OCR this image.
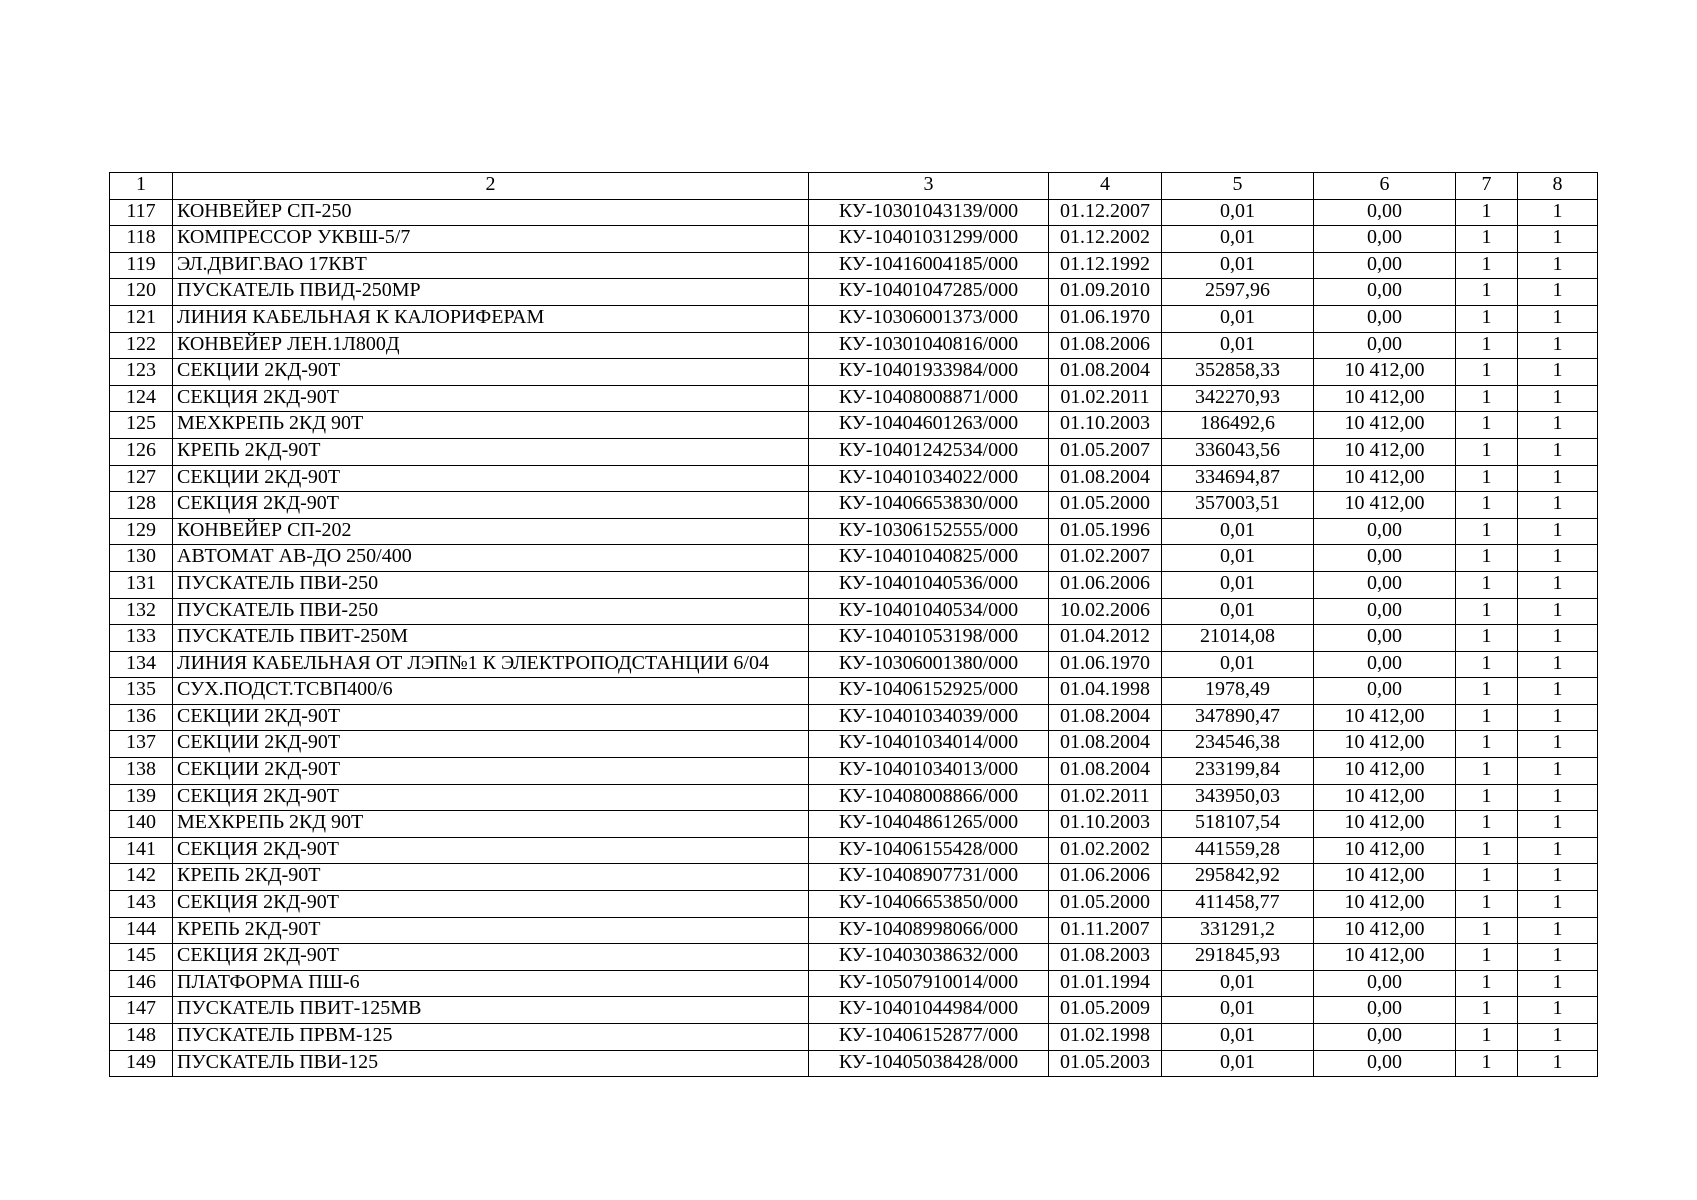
1	2	3	4	5	6	7	8
117	КОНВЕЙЕР СП-250	КУ-10301043139/000	01.12.2007	0,01	0,00	1	1
118	КОМПРЕССОР УКВШ-5/7	КУ-10401031299/000	01.12.2002	0,01	0,00	1	1
119	ЭЛ.ДВИГ.ВАО 17КВТ	КУ-10416004185/000	01.12.1992	0,01	0,00	1	1
120	ПУСКАТЕЛЬ ПВИД-250МР	КУ-10401047285/000	01.09.2010	2597,96	0,00	1	1
121	ЛИНИЯ КАБЕЛЬНАЯ К КАЛОРИФЕРАМ	КУ-10306001373/000	01.06.1970	0,01	0,00	1	1
122	КОНВЕЙЕР ЛЕН.1Л800Д	КУ-10301040816/000	01.08.2006	0,01	0,00	1	1
123	СЕКЦИИ 2КД-90Т	КУ-10401933984/000	01.08.2004	352858,33	10 412,00	1	1
124	СЕКЦИЯ 2КД-90Т	КУ-10408008871/000	01.02.2011	342270,93	10 412,00	1	1
125	МЕХКРЕПЬ 2КД 90Т	КУ-10404601263/000	01.10.2003	186492,6	10 412,00	1	1
126	КРЕПЬ 2КД-90Т	КУ-10401242534/000	01.05.2007	336043,56	10 412,00	1	1
127	СЕКЦИИ 2КД-90Т	КУ-10401034022/000	01.08.2004	334694,87	10 412,00	1	1
128	СЕКЦИЯ 2КД-90Т	КУ-10406653830/000	01.05.2000	357003,51	10 412,00	1	1
129	КОНВЕЙЕР СП-202	КУ-10306152555/000	01.05.1996	0,01	0,00	1	1
130	АВТОМАТ АВ-ДО 250/400	КУ-10401040825/000	01.02.2007	0,01	0,00	1	1
131	ПУСКАТЕЛЬ ПВИ-250	КУ-10401040536/000	01.06.2006	0,01	0,00	1	1
132	ПУСКАТЕЛЬ ПВИ-250	КУ-10401040534/000	10.02.2006	0,01	0,00	1	1
133	ПУСКАТЕЛЬ ПВИТ-250М	КУ-10401053198/000	01.04.2012	21014,08	0,00	1	1
134	ЛИНИЯ КАБЕЛЬНАЯ ОТ ЛЭП№1 К ЭЛЕКТРОПОДСТАНЦИИ 6/04	КУ-10306001380/000	01.06.1970	0,01	0,00	1	1
135	СУХ.ПОДСТ.ТСВП400/6	КУ-10406152925/000	01.04.1998	1978,49	0,00	1	1
136	СЕКЦИИ 2КД-90Т	КУ-10401034039/000	01.08.2004	347890,47	10 412,00	1	1
137	СЕКЦИИ 2КД-90Т	КУ-10401034014/000	01.08.2004	234546,38	10 412,00	1	1
138	СЕКЦИИ 2КД-90Т	КУ-10401034013/000	01.08.2004	233199,84	10 412,00	1	1
139	СЕКЦИЯ 2КД-90Т	КУ-10408008866/000	01.02.2011	343950,03	10 412,00	1	1
140	МЕХКРЕПЬ 2КД 90Т	КУ-10404861265/000	01.10.2003	518107,54	10 412,00	1	1
141	СЕКЦИЯ 2КД-90Т	КУ-10406155428/000	01.02.2002	441559,28	10 412,00	1	1
142	КРЕПЬ 2КД-90Т	КУ-10408907731/000	01.06.2006	295842,92	10 412,00	1	1
143	СЕКЦИЯ 2КД-90Т	КУ-10406653850/000	01.05.2000	411458,77	10 412,00	1	1
144	КРЕПЬ 2КД-90Т	КУ-10408998066/000	01.11.2007	331291,2	10 412,00	1	1
145	СЕКЦИЯ 2КД-90Т	КУ-10403038632/000	01.08.2003	291845,93	10 412,00	1	1
146	ПЛАТФОРМА ПШ-6	КУ-10507910014/000	01.01.1994	0,01	0,00	1	1
147	ПУСКАТЕЛЬ ПВИТ-125МВ	КУ-10401044984/000	01.05.2009	0,01	0,00	1	1
148	ПУСКАТЕЛЬ ПРВМ-125	КУ-10406152877/000	01.02.1998	0,01	0,00	1	1
149	ПУСКАТЕЛЬ ПВИ-125	КУ-10405038428/000	01.05.2003	0,01	0,00	1	1
